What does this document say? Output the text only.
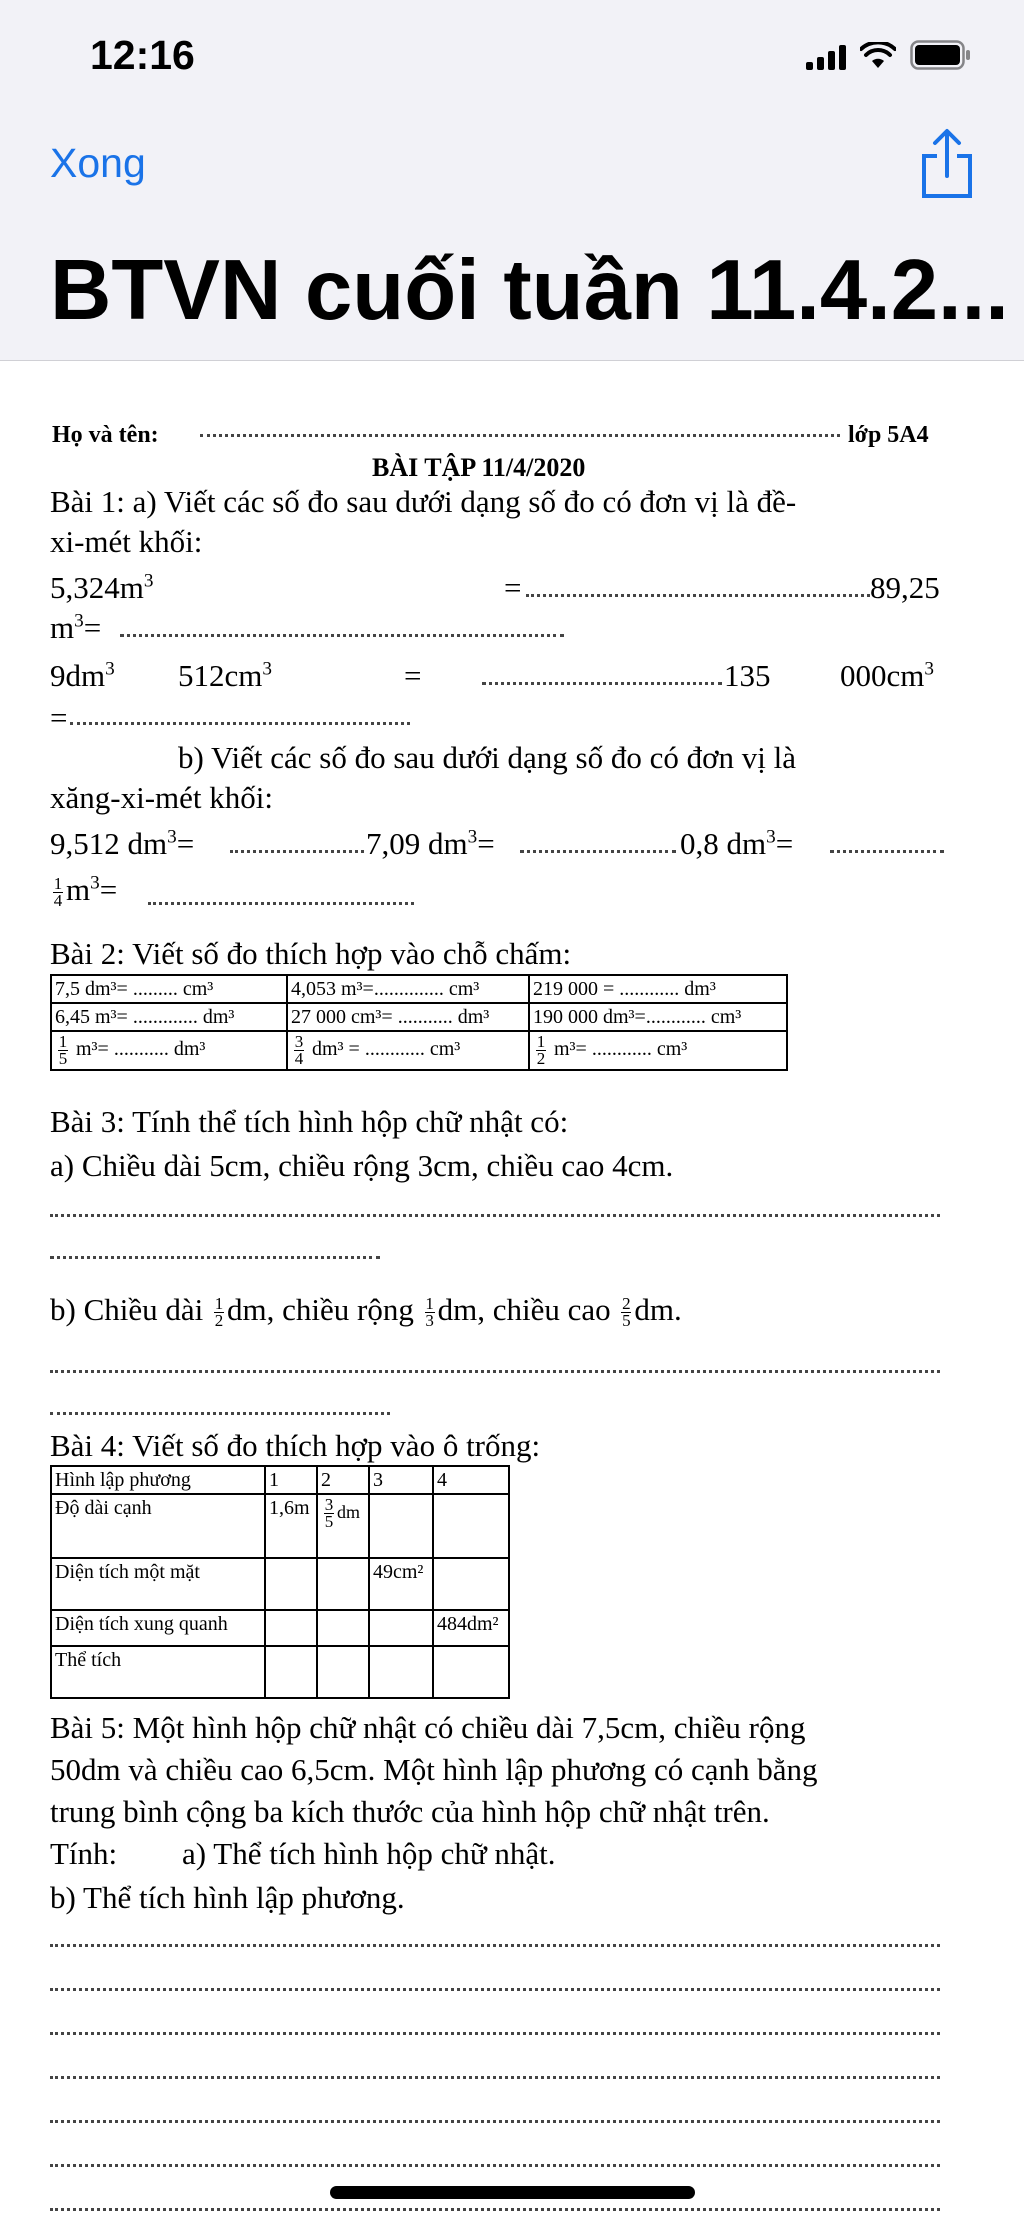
12:16
Xong
BTVN cuối tuần 11.4.2...
Họ và tên:	lớp 5A4
BÀI TẬP 11/4/2020
Bài 1: a) Viết các số đo sau dưới dạng số đo có đơn vị là đề-
xi-mét khối:
$5,324m^3$	=	89,25
$m^3=$
$9dm^3$ $512cm^3$	=	135 $000cm^3$
=
b) Viết các số đo sau dưới dạng số đo có đơn vị là
xăng-xi-mét khối:
9,512 $dm^3=$	7,09 $dm^3=$	0,8 $dm^3=$
$\frac{1}{4} m^3=$
Bài 2: Viết số đo thích hợp vào chỗ chấm:
7,5 dm³= ......... cm³	4,053 m³=.............. cm³	219 000 = ............ dm³
6,45 m³= ............. dm³	27 000 cm³= ........... dm³	190 000 dm³=............ cm³

$\frac{1}{5} m^3=$ ........... dm³	$\frac{3}{4} dm^3$ = ............ cm³	$\frac{1}{2} m^3=$ ............ cm³
Bài 3: Tính thể tích hình hộp chữ nhật có:
a) Chiều dài 5cm, chiều rộng 3cm, chiều cao 4cm.
b) Chiều dài $\frac{1}{2}$ dm, chiều rộng $\frac{1}{3}$ dm, chiều cao $\frac{2}{5}$ dm.
Bài 4: Viết số đo thích hợp vào ô trống:
Hình lập phương	1	2	3	4
Độ dài cạnh	1,6m	$\frac{3}{5}$ dm		
Diện tích một mặt			49cm²	
Diện tích xung quanh				484dm²
Thể tích				
Bài 5: Một hình hộp chữ nhật có chiều dài 7,5cm, chiều rộng
50dm và chiều cao 6,5cm. Một hình lập phương có cạnh bằng
trung bình cộng ba kích thước của hình hộp chữ nhật trên.
Tính: a) Thể tích hình hộp chữ nhật.
b) Thể tích hình lập phương.
